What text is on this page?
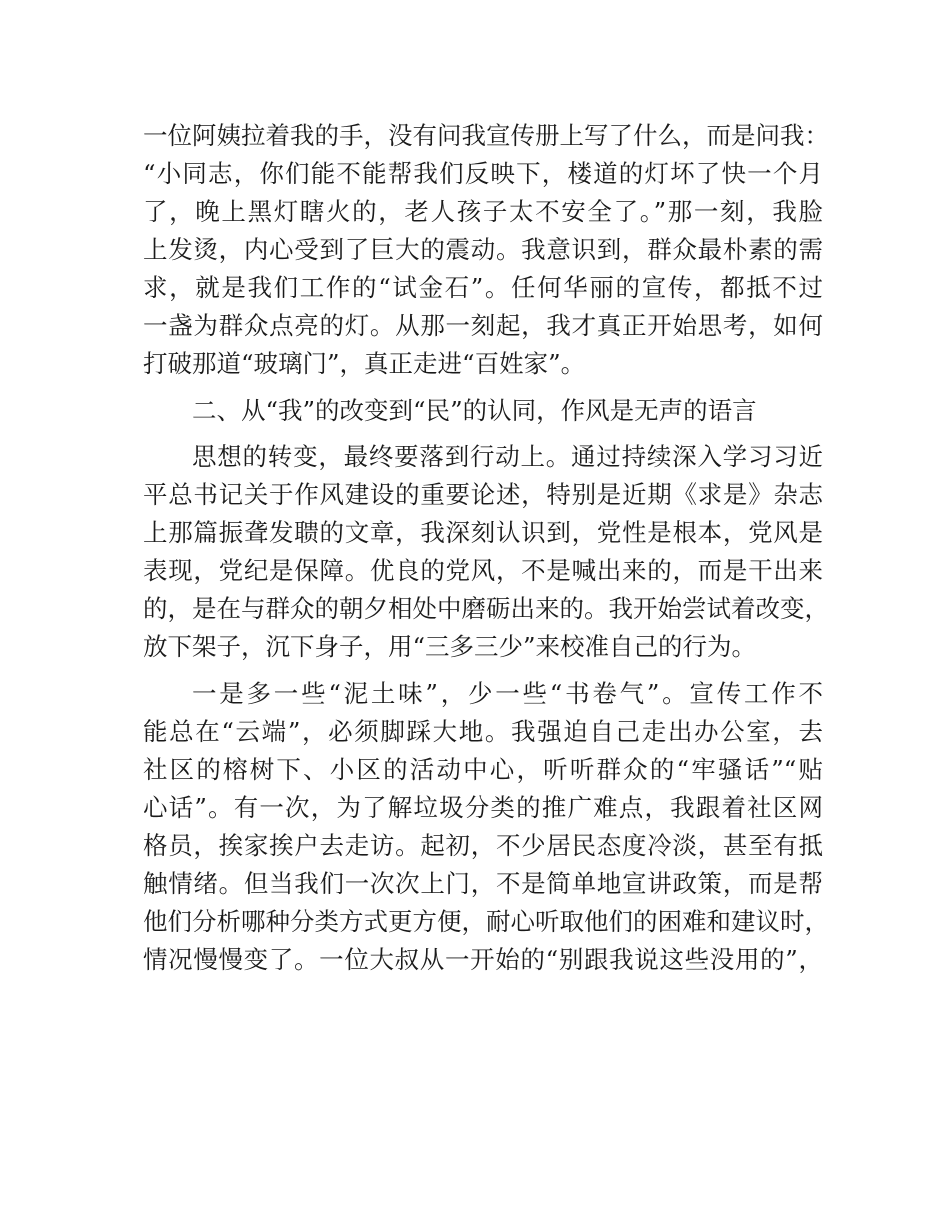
一位阿姨拉着我的手，没有问我宣传册上写了什么，而是问我：
“小同志，你们能不能帮我们反映下，楼道的灯坏了快一个月
了，晚上黑灯瞎火的，老人孩子太不安全了。”那一刻，我脸
上发烫，内心受到了巨大的震动。我意识到，群众最朴素的需
求，就是我们工作的“试金石”。任何华丽的宣传，都抵不过
一盏为群众点亮的灯。从那一刻起，我才真正开始思考，如何
打破那道“玻璃门”，真正走进“百姓家”。
二、从“我”的改变到“民”的认同，作风是无声的语言
思想的转变，最终要落到行动上。通过持续深入学习习近
平总书记关于作风建设的重要论述，特别是近期《求是》杂志
上那篇振聋发聩的文章，我深刻认识到，党性是根本，党风是
表现，党纪是保障。优良的党风，不是喊出来的，而是干出来
的，是在与群众的朝夕相处中磨砺出来的。我开始尝试着改变，
放下架子，沉下身子，用“三多三少”来校准自己的行为。
一是多一些“泥土味”，少一些“书卷气”。宣传工作不
能总在“云端”，必须脚踩大地。我强迫自己走出办公室，去
社区的榕树下、小区的活动中心，听听群众的“牢骚话”“贴
心话”。有一次，为了解垃圾分类的推广难点，我跟着社区网
格员，挨家挨户去走访。起初，不少居民态度冷淡，甚至有抵
触情绪。但当我们一次次上门，不是简单地宣讲政策，而是帮
他们分析哪种分类方式更方便，耐心听取他们的困难和建议时，
情况慢慢变了。一位大叔从一开始的“别跟我说这些没用的”，
